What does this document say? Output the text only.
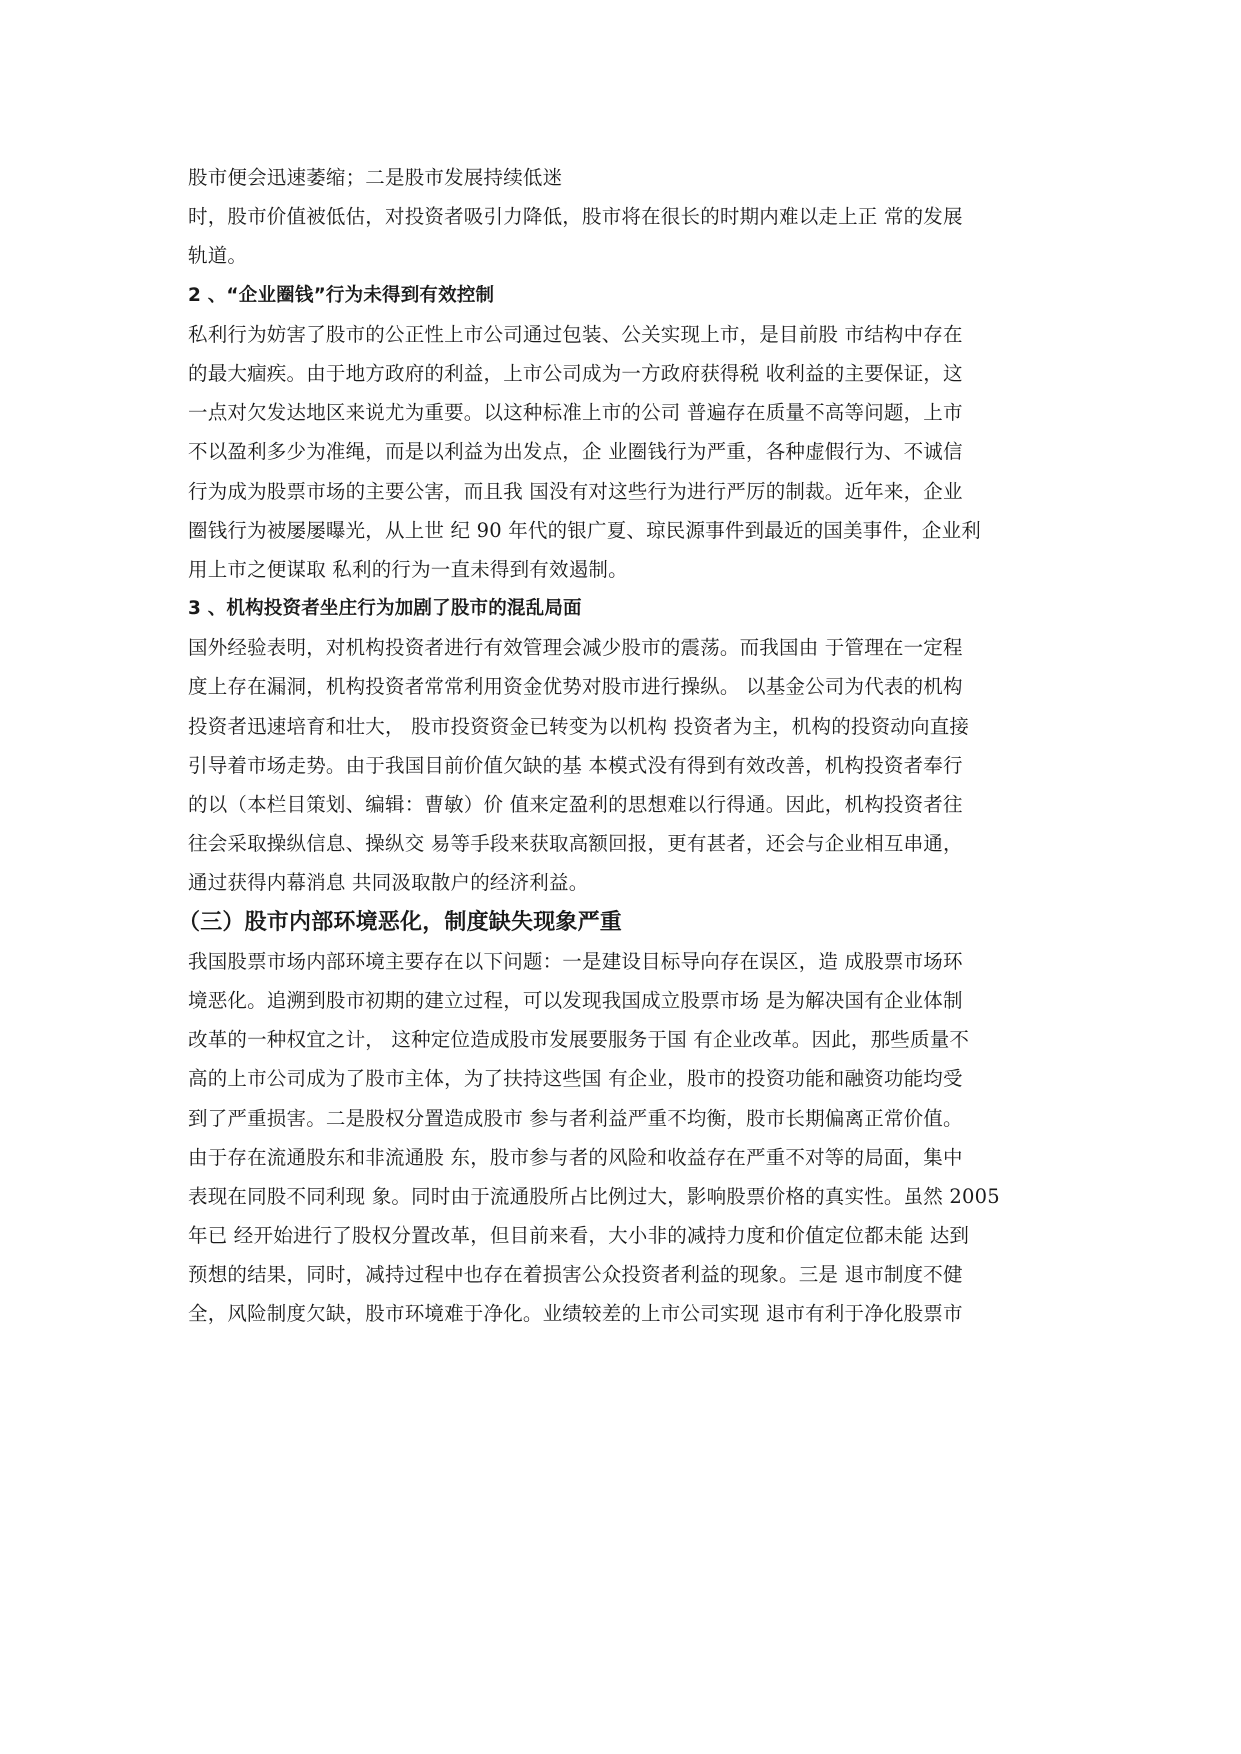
股市便会迅速萎缩；二是股市发展持续低迷
时，股市价值被低估，对投资者吸引力降低，股市将在很长的时期内难以走上正 常的发展
轨道。
2 、“企业圈钱”行为未得到有效控制
私利行为妨害了股市的公正性上市公司通过包装、公关实现上市，是目前股 市结构中存在
的最大痼疾。由于地方政府的利益，上市公司成为一方政府获得税 收利益的主要保证，这
一点对欠发达地区来说尤为重要。以这种标准上市的公司 普遍存在质量不高等问题，上市
不以盈利多少为准绳，而是以利益为出发点，企 业圈钱行为严重，各种虚假行为、不诚信
行为成为股票市场的主要公害，而且我 国没有对这些行为进行严厉的制裁。近年来，企业
圈钱行为被屡屡曝光，从上世 纪 90 年代的银广夏、琼民源事件到最近的国美事件，企业利
用上市之便谋取 私利的行为一直未得到有效遏制。
3 、机构投资者坐庄行为加剧了股市的混乱局面
国外经验表明，对机构投资者进行有效管理会减少股市的震荡。而我国由 于管理在一定程
度上存在漏洞，机构投资者常常利用资金优势对股市进行操纵。 以基金公司为代表的机构
投资者迅速培育和壮大， 股市投资资金已转变为以机构 投资者为主，机构的投资动向直接
引导着市场走势。由于我国目前价值欠缺的基 本模式没有得到有效改善，机构投资者奉行
的以（本栏目策划、编辑：曹敏）价 值来定盈利的思想难以行得通。因此，机构投资者往
往会采取操纵信息、操纵交 易等手段来获取高额回报，更有甚者，还会与企业相互串通，
通过获得内幕消息 共同汲取散户的经济利益。
（三）股市内部环境恶化，制度缺失现象严重
我国股票市场内部环境主要存在以下问题：一是建设目标导向存在误区，造 成股票市场环
境恶化。追溯到股市初期的建立过程，可以发现我国成立股票市场 是为解决国有企业体制
改革的一种权宜之计， 这种定位造成股市发展要服务于国 有企业改革。因此，那些质量不
高的上市公司成为了股市主体，为了扶持这些国 有企业，股市的投资功能和融资功能均受
到了严重损害。二是股权分置造成股市 参与者利益严重不均衡，股市长期偏离正常价值。
由于存在流通股东和非流通股 东，股市参与者的风险和收益存在严重不对等的局面，集中
表现在同股不同利现 象。同时由于流通股所占比例过大，影响股票价格的真实性。虽然 2005
年已 经开始进行了股权分置改革，但目前来看，大小非的减持力度和价值定位都未能 达到
预想的结果，同时，减持过程中也存在着损害公众投资者利益的现象。三是 退市制度不健
全，风险制度欠缺，股市环境难于净化。业绩较差的上市公司实现 退市有利于净化股票市
